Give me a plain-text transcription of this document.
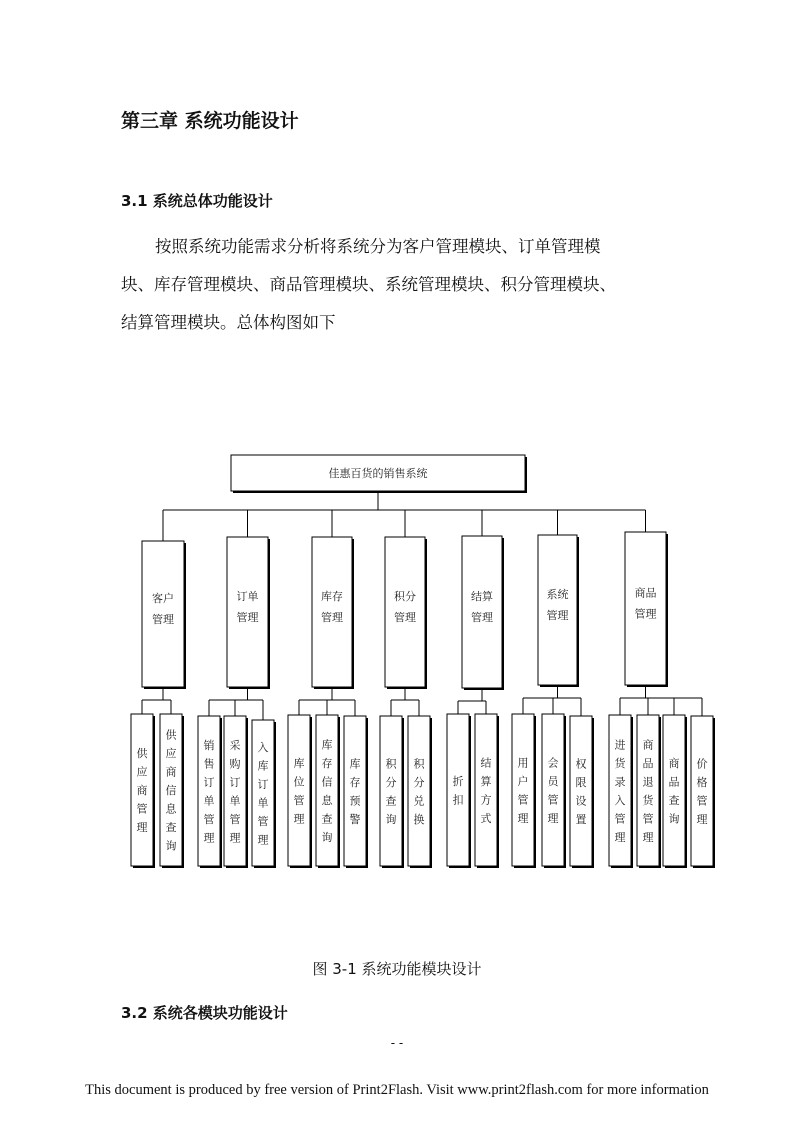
第三章 系统功能设计
3.1 系统总体功能设计
按照系统功能需求分析将系统分为客户管理模块、订单管理模
块、库存管理模块、商品管理模块、系统管理模块、积分管理模块、
结算管理模块。总体构图如下
佳惠百货的销售系统
客户
管理
供
应
商
管
理
供
应
商
信
息
查
询
订单
管理
销
售
订
单
管
理
采
购
订
单
管
理
入
库
订
单
管
理
库存
管理
库
位
管
理
库
存
信
息
查
询
库
存
预
警
积分
管理
积
分
查
询
积
分
兑
换
结算
管理
折
扣
结
算
方
式
系统
管理
用
户
管
理
会
员
管
理
权
限
设
置
商品
管理
进
货
录
入
管
理
商
品
退
货
管
理
商
品
查
询
价
格
管
理
图 3-1 系统功能模块设计
3.2 系统各模块功能设计
- -
This document is produced by free version of Print2Flash. Visit www.print2flash.com for more information
